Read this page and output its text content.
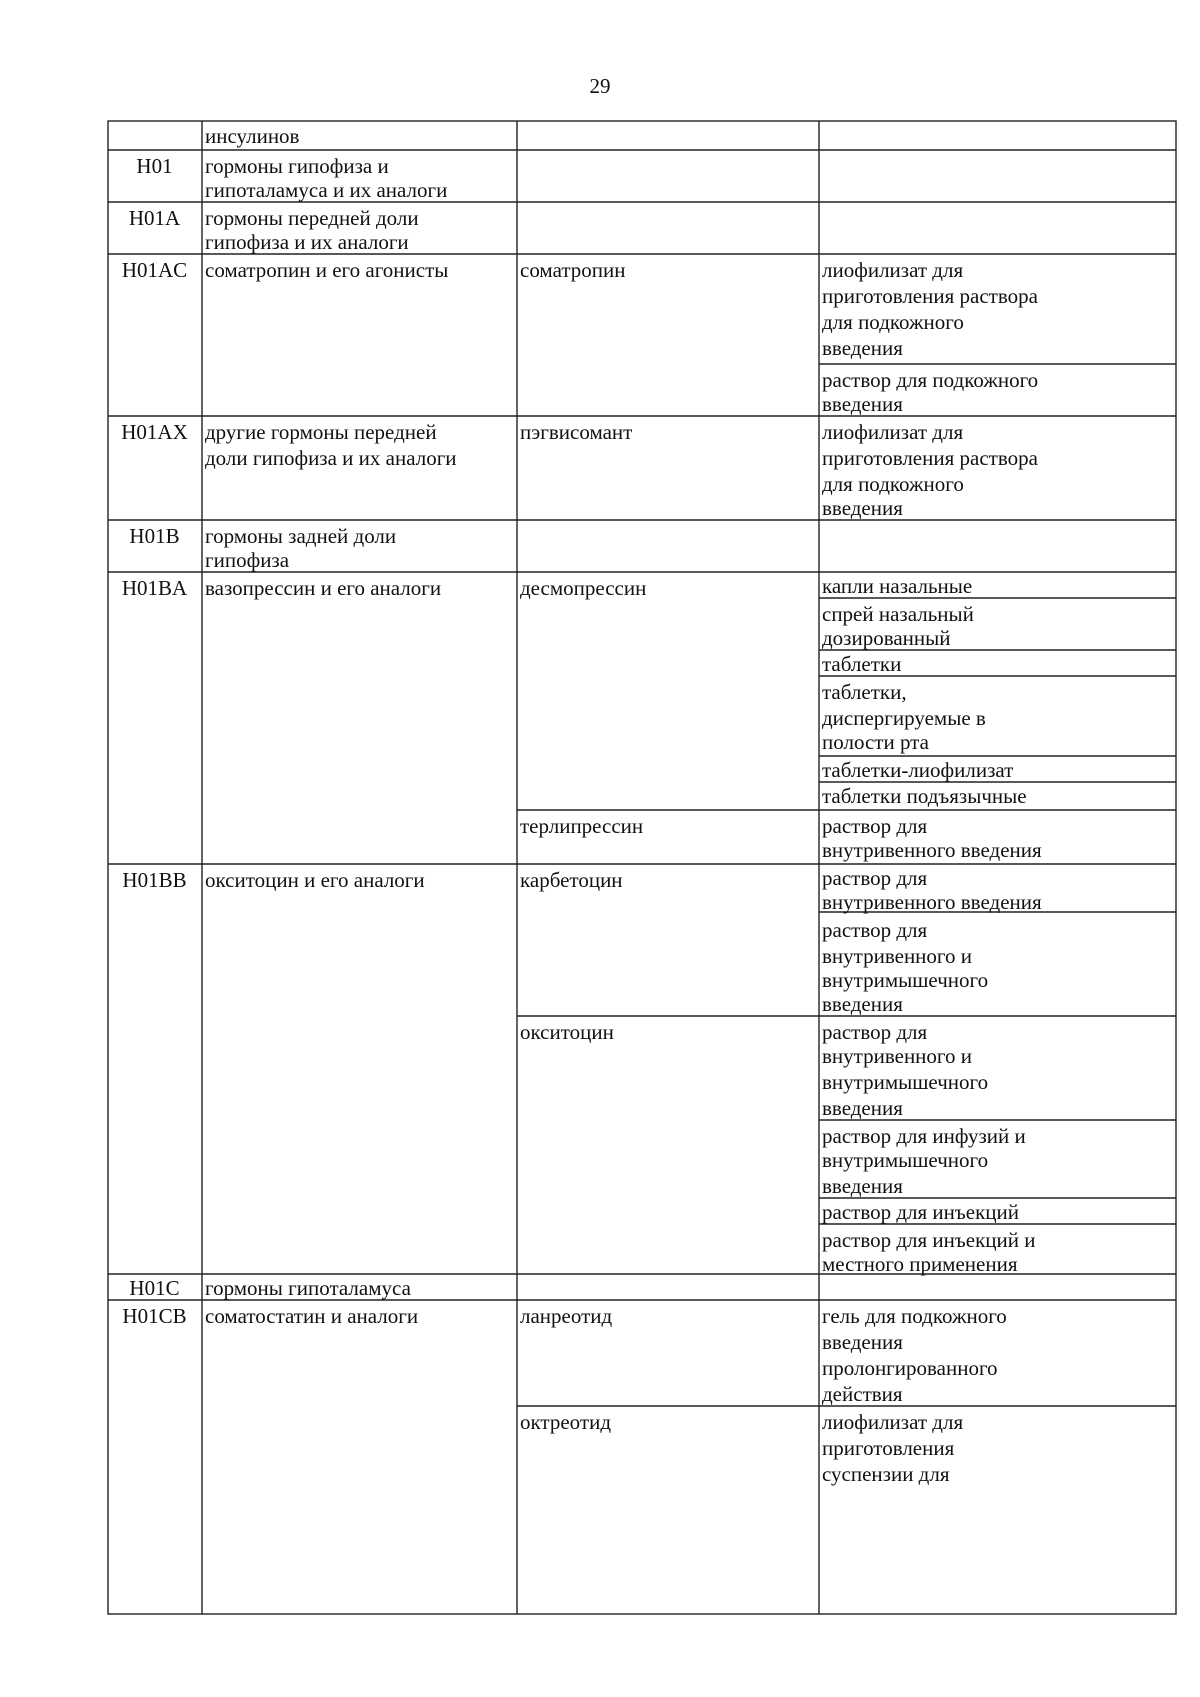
29
инсулинов
H01	гормоны гипофиза и
гипоталамуса и их аналоги
H01A	гормоны передней доли
гипофиза и их аналоги
H01AC соматропин и его агонисты	соматропин	лиофилизат для
приготовления раствора
для подкожного
введения
раствор для подкожного
введения
H01AX другие гормоны передней
доли гипофиза и их аналоги
пэгвисомант	лиофилизат для
приготовления раствора
для подкожного
введения
H01B	гормоны задней доли
гипофиза
H01BA вазопрессин и его аналоги	десмопрессин	капли назальные
спрей назальный
дозированный
таблетки
таблетки,
диспергируемые в
полости рта
таблетки-лиофилизат
таблетки подъязычные
терлипрессин	раствор для
внутривенного введения
H01BB окситоцин и его аналоги	карбетоцин	раствор для
внутривенного введения
раствор для
внутривенного и
внутримышечного
введения
окситоцин	раствор для
внутривенного и
внутримышечного
введения
раствор для инфузий и
внутримышечного
введения
раствор для инъекций
раствор для инъекций и
местного применения
H01C	гормоны гипоталамуса
H01CB соматостатин и аналоги	ланреотид	гель для подкожного
введения
пролонгированного
действия
октреотид	лиофилизат для
приготовления
суспензии для
